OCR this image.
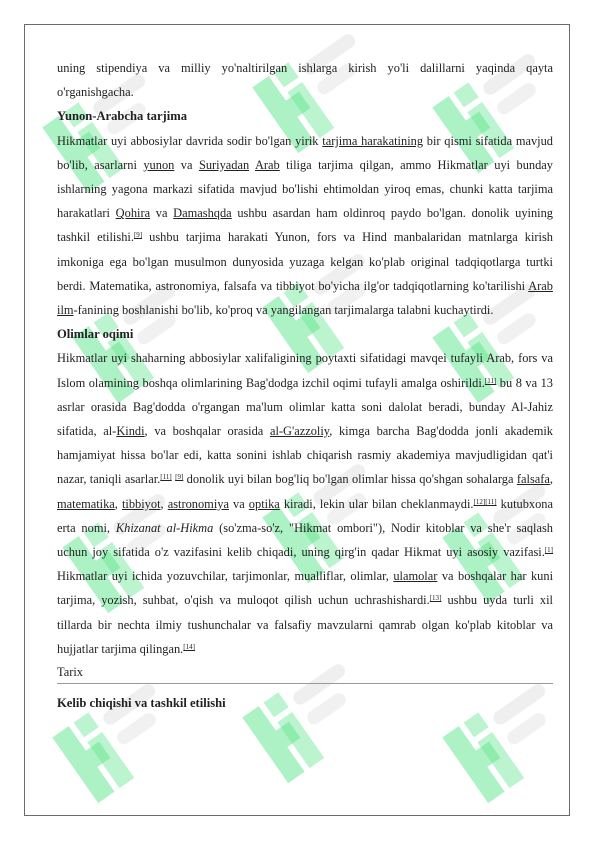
uning stipendiya va milliy yo'naltirilgan ishlarga kirish yo'li dalillarni yaqinda qayta o'rganishgacha.

Yunon-Arabcha tarjima

Hikmatlar uyi abbosiylar davrida sodir bo'lgan yirik tarjima harakatining bir qismi sifatida mavjud bo'lib, asarlarni yunon va Suriyadan Arab tiliga tarjima qilgan, ammo Hikmatlar uyi bunday ishlarning yagona markazi sifatida mavjud bo'lishi ehtimoldan yiroq emas, chunki katta tarjima harakatlari Qohira va Damashqda ushbu asardan ham oldinroq paydo bo'lgan. donolik uyining tashkil etilishi.[9] ushbu tarjima harakati Yunon, fors va Hind manbalaridan matnlarga kirish imkoniga ega bo'lgan musulmon dunyosida yuzaga kelgan ko'plab original tadqiqotlarga turtki berdi. Matematika, astronomiya, falsafa va tibbiyot bo'yicha ilg'or tadqiqotlarning ko'tarilishi Arab ilm-fanining boshlanishi bo'lib, ko'proq va yangilangan tarjimalarga talabni kuchaytirdi.

Olimlar oqimi

Hikmatlar uyi shaharning abbosiylar xalifaligining poytaxti sifatidagi mavqei tufayli Arab, fors va Islom olamining boshqa olimlarining Bag'dodga izchil oqimi tufayli amalga oshirildi.[11] bu 8 va 13 asrlar orasida Bag'dodda o'rgangan ma'lum olimlar katta soni dalolat beradi, bunday Al-Jahiz sifatida, al-Kindi, va boshqalar orasida al-G'azzoliy, kimga barcha Bag'dodda jonli akademik hamjamiyat hissa bo'lar edi, katta sonini ishlab chiqarish rasmiy akademiya mavjudligidan qat'i nazar, taniqli asarlar.[11] [9] donolik uyi bilan bog'liq bo'lgan olimlar hissa qo'shgan sohalarga falsafa, matematika, tibbiyot, astronomiya va optika kiradi, lekin ular bilan cheklanmaydi.[12][11] kutubxona erta nomi, Khizanat al-Hikma (so'zma-so'z, "Hikmat ombori"), Nodir kitoblar va she'r saqlash uchun joy sifatida o'z vazifasini kelib chiqadi, uning qirg'in qadar Hikmat uyi asosiy vazifasi.[1] Hikmatlar uyi ichida yozuvchilar, tarjimonlar, mualliflar, olimlar, ulamolar va boshqalar har kuni tarjima, yozish, suhbat, o'qish va muloqot qilish uchun uchrashishardi.[13] ushbu uyda turli xil tillarda bir nechta ilmiy tushunchalar va falsafiy mavzularni qamrab olgan ko'plab kitoblar va hujjatlar tarjima qilingan.[14]

Tarix

Kelib chiqishi va tashkil etilishi
